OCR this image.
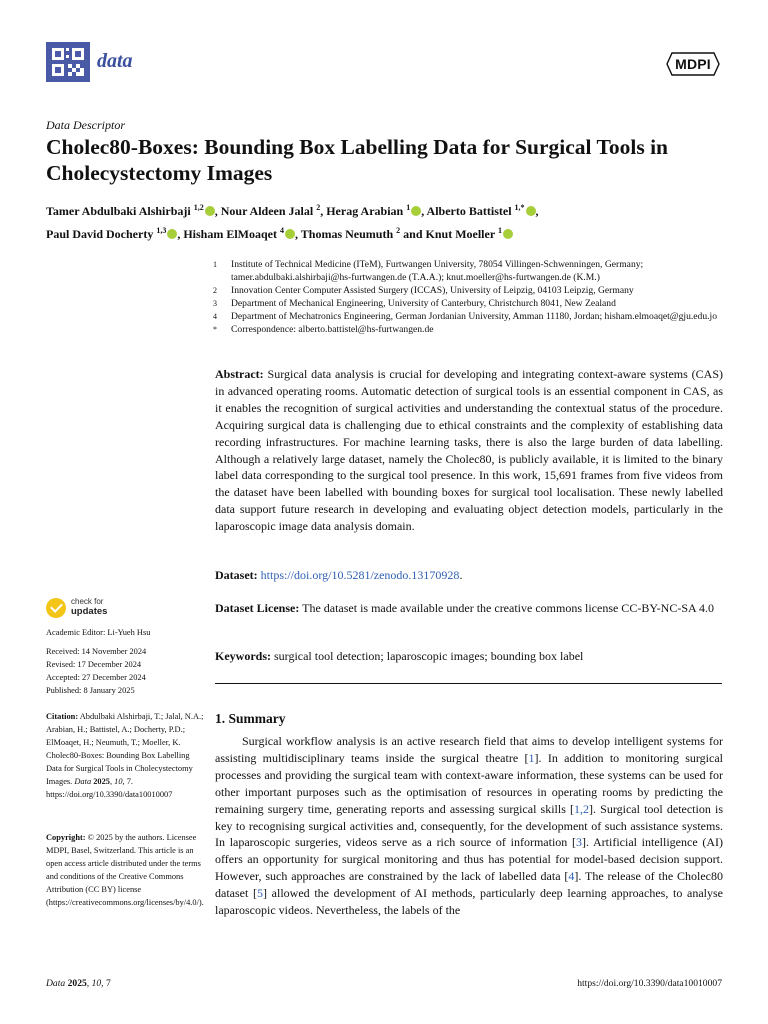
data	MDPI
Data Descriptor
Cholec80-Boxes: Bounding Box Labelling Data for Surgical Tools in Cholecystectomy Images
Tamer Abdulbaki Alshirbaji $^{1,2}$ , Nour Aldeen Jalal $^2$, Herag Arabian $^1$ , Alberto Battistel $^{1,*}$ ,
Paul David Docherty $^{1,3}$ , Hisham ElMoaqet $^4$ , Thomas Neumuth $^2$ and Knut Moeller $^1$
1	Institute of Technical Medicine (ITeM), Furtwangen University, 78054 Villingen-Schwenningen, Germany; tamer.abdulbaki.alshirbaji@hs-furtwangen.de (T.A.A.); knut.moeller@hs-furtwangen.de (K.M.)
2	Innovation Center Computer Assisted Surgery (ICCAS), University of Leipzig, 04103 Leipzig, Germany
3	Department of Mechanical Engineering, University of Canterbury, Christchurch 8041, New Zealand
4	Department of Mechatronics Engineering, German Jordanian University, Amman 11180, Jordan; hisham.elmoaqet@gju.edu.jo
*	Correspondence: alberto.battistel@hs-furtwangen.de
Abstract: Surgical data analysis is crucial for developing and integrating context-aware systems (CAS) in advanced operating rooms. Automatic detection of surgical tools is an essential component in CAS, as it enables the recognition of surgical activities and understanding the contextual status of the procedure. Acquiring surgical data is challenging due to ethical constraints and the complexity of establishing data recording infrastructures. For machine learning tasks, there is also the large burden of data labelling. Although a relatively large dataset, namely the Cholec80, is publicly available, it is limited to the binary label data corresponding to the surgical tool presence. In this work, 15,691 frames from five videos from the dataset have been labelled with bounding boxes for surgical tool localisation. These newly labelled data support future research in developing and evaluating object detection models, particularly in the laparoscopic image data analysis domain.
Dataset: https://doi.org/10.5281/zenodo.13170928.
Dataset License: The dataset is made available under the creative commons license CC-BY-NC-SA 4.0
Keywords: surgical tool detection; laparoscopic images; bounding box label
1. Summary
Surgical workflow analysis is an active research field that aims to develop intelligent systems for assisting multidisciplinary teams inside the surgical theatre [1]. In addition to monitoring surgical processes and providing the surgical team with context-aware information, these systems can be used for other important purposes such as the optimisation of resources in operating rooms by predicting the remaining surgery time, generating reports and assessing surgical skills [1,2]. Surgical tool detection is key to recognising surgical activities and, consequently, for the development of such assistance systems. In laparoscopic surgeries, videos serve as a rich source of information [3]. Artificial intelligence (AI) offers an opportunity for surgical monitoring and thus has potential for model-based decision support. However, such approaches are constrained by the lack of labelled data [4]. The release of the Cholec80 dataset [5] allowed the development of AI methods, particularly deep learning approaches, to analyse laparoscopic videos. Nevertheless, the labels of the
check for
updates
Academic Editor: Li-Yueh Hsu
Received: 14 November 2024
Revised: 17 December 2024
Accepted: 27 December 2024
Published: 8 January 2025
Citation: Abdulbaki Alshirbaji, T.; Jalal, N.A.; Arabian, H.; Battistel, A.; Docherty, P.D.; ElMoaqet, H.; Neumuth, T.; Moeller, K. Cholec80-Boxes: Bounding Box Labelling Data for Surgical Tools in Cholecystectomy Images. Data 2025, 10, 7. https://doi.org/10.3390/data10010007
Copyright: © 2025 by the authors. Licensee MDPI, Basel, Switzerland. This article is an open access article distributed under the terms and conditions of the Creative Commons Attribution (CC BY) license (https://creativecommons.org/licenses/by/4.0/).
Data 2025, 10, 7	https://doi.org/10.3390/data10010007
